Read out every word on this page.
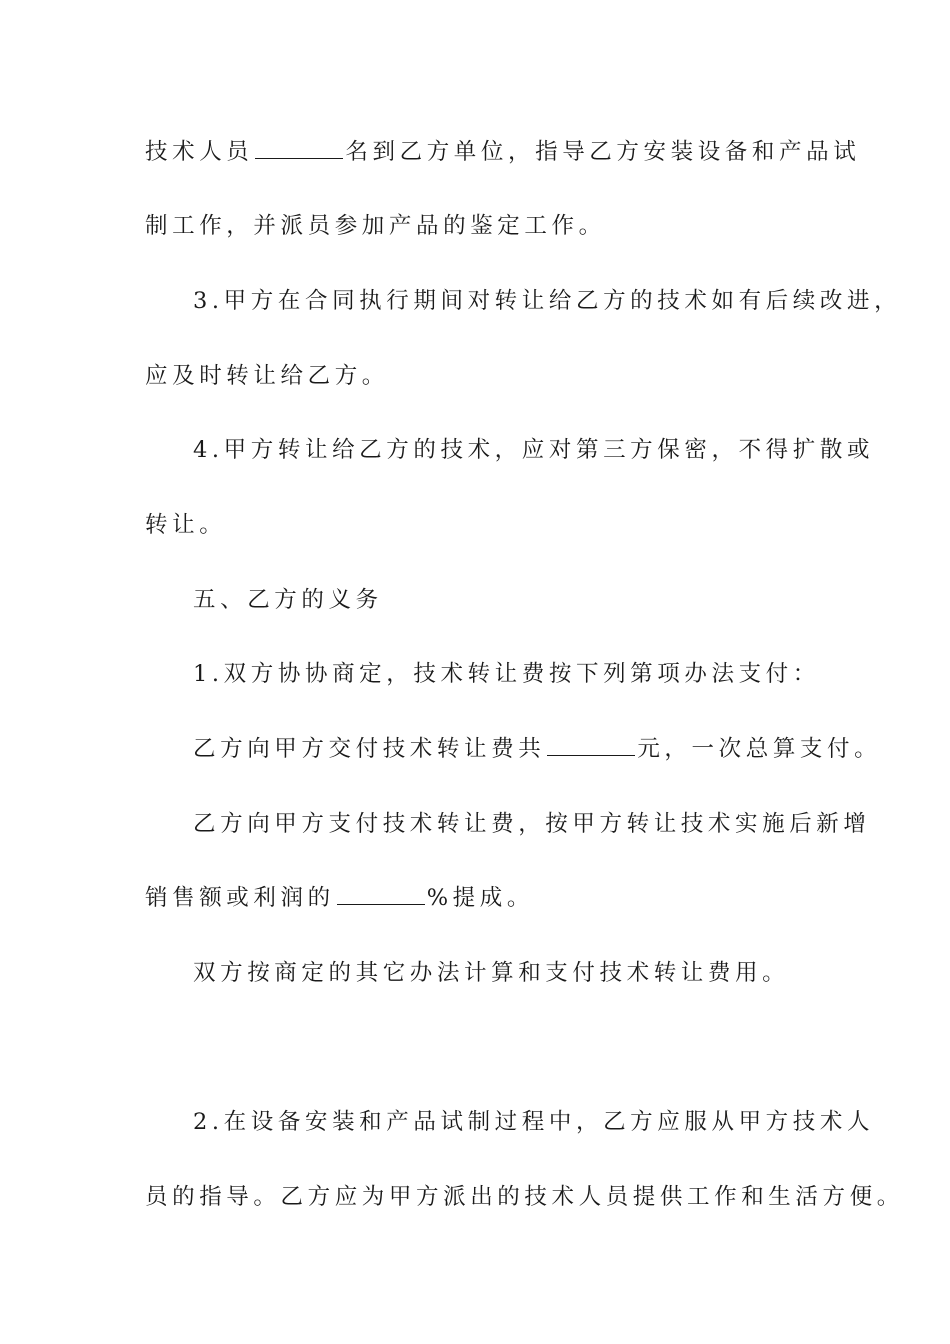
技术人员	名到乙方单位，指导乙方安装设备和产品试
制工作，并派员参加产品的鉴定工作。
3.甲方在合同执行期间对转让给乙方的技术如有后续改进，
应及时转让给乙方。
4.甲方转让给乙方的技术，应对第三方保密，不得扩散或
转让。
五、乙方的义务
1.双方协协商定，技术转让费按下列第项办法支付：
乙方向甲方交付技术转让费共	元，一次总算支付。
乙方向甲方支付技术转让费，按甲方转让技术实施后新增
销售额或利润的	%提成。
双方按商定的其它办法计算和支付技术转让费用。
2.在设备安装和产品试制过程中，乙方应服从甲方技术人
员的指导。乙方应为甲方派出的技术人员提供工作和生活方便。
